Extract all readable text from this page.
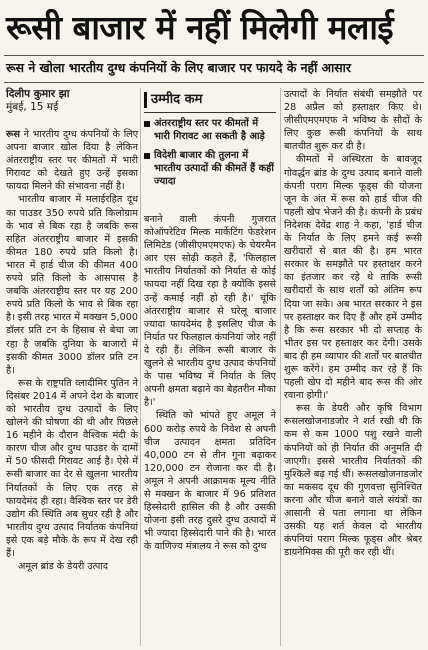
रूसी बाजार में नहीं मिलेगी मलाई
रूस ने खोला भारतीय दुग्ध कंपनियों के लिए बाजार पर फायदे के नहीं आसार
दिलीप कुमार झा
मुंबई, 15 मई	उम्मीद कम
अंतरराष्ट्रीय स्तर पर कीमतों में भारी गिरावट आ सकती है आड़े
विदेशी बाजार की तुलना में भारतीय उत्पादों की कीमतें हैं कहीं ज्यादा

रूस ने भारतीय दुग्ध कंपनियों के लिए अपना बाजार खोल दिया है लेकिन अंतरराष्ट्रीय स्तर पर कीमतों में भारी गिरावट को देखते हुए उन्हें इसका फायदा मिलने की संभावना नहीं है।

भारतीय बाजार में मलाईरहित दूध का पाउडर 350 रुपये प्रति किलोग्राम के भाव से बिक रहा है जबकि रूस सहित अंतरराष्ट्रीय बाजार में इसकी कीमत 180 रुपये प्रति किलो है। भारत में हार्ड चीज की कीमत 400 रुपये प्रति किलो के आसपास है जबकि अंतरराष्ट्रीय स्तर पर यह 200 रुपये प्रति किलो के भाव से बिक रहा है। इसी तरह भारत में मक्खन 5,000 डॉलर प्रति टन के हिसाब से बेचा जा रहा है जबकि दुनिया के बाजारों में इसकी कीमत 3000 डॉलर प्रति टन है।

रूस के राष्ट्रपति व्लादीमिर पुतिन ने दिसंबर 2014 में अपने देश के बाजार को भारतीय दुग्ध उत्पादों के लिए खोलने की घोषणा की थी और पिछले 16 महीने के दौरान वैश्विक मंदी के कारण चीज और दुग्ध पाउडर के दामों में 50 फीसदी गिरावट आई है। ऐसे में रूसी बाजार का देर से खुलना भारतीय निर्यातकों के लिए एक तरह से फायदेमंद ही रहा। वैश्विक स्तर पर डेरी उद्योग की स्थिति अब सुधर रही है और भारतीय दुग्ध उत्पाद निर्यातक कंपनियां इसे एक बड़े मौके के रूप में देख रही हैं।

अमूल ब्रांड के डेयरी उत्पाद

बनाने वाली कंपनी गुजरात कोऑपरेटिव मिल्क मार्केटिंग फेडरेशन लिमिटेड (जीसीएमएमएफ) के चेयरमैन आर एस सोढ़ी कहते हैं, 'फिलहाल भारतीय निर्यातकों को निर्यात से कोई फायदा नहीं दिख रहा है क्योंकि इससे उन्हें कमाई नहीं हो रही है।' चूंकि अंतरराष्ट्रीय बाजार से घरेलू बाजार ज्यादा फायदेमंद है इसलिए चीज के निर्यात पर फिलहाल कंपनियां जोर नहीं दे रही हैं। लेकिन रूसी बाजार के खुलने से भारतीय दुग्ध उत्पाद कंपनियों के पास भविष्य में निर्यात के लिए अपनी क्षमता बढ़ाने का बेहतरीन मौका है।'

स्थिति को भांपते हुए अमूल ने 600 करोड़ रुपये के निवेश से अपनी चीज उत्पादन क्षमता प्रतिदिन 40,000 टन से तीन गुना बढ़ाकर 120,000 टन रोजाना कर दी है। अमूल ने अपनी आक्रामक मूल्य नीति से मक्खन के बाजार में 96 प्रतिशत हिस्सेदारी हासिल की है और उसकी योजना इसी तरह दुसरे दुग्ध उत्पादों में भी ज्यादा हिस्सेदारी पाने की है। भारत के वाणिज्य मंत्रालय ने रूस को दुग्ध

उत्पादों के निर्यात संबंधी समझौते पर 28 अप्रैल को हस्ताक्षर किए थे। जीसीएमएमएफ ने भविष्य के सौदों के लिए कुछ रूसी कंपनियों के साथ बातचीत शुरू कर दी है।

कीमतों में अस्थिरता के बावजूद गोवर्द्धन ब्रांड के दुग्ध उत्पाद बनाने वाली कंपनी पराग मिल्क फूड्स की योजना जून के अंत में रूस को हार्ड चीज की पहली खेप भेजने की है। कंपनी के प्रबंध निदेशक देवेंद्र शाह ने कहा, 'हार्ड चीज के निर्यात के लिए हमने कई रूसी खरीदारों से बात की है। हम भारत सरकार के समझौते पर हस्ताक्षर करने का इंतजार कर रहे थे ताकि रूसी खरीदारों के साथ शर्तों को अंतिम रूप दिया जा सके। अब भारत सरकार ने इस पर हस्ताक्षर कर दिए हैं और हमें उम्मीद है कि रूस सरकार भी दो सप्ताह के भीतर इस पर हस्ताक्षर कर देगी। उसके बाद ही हम व्यापार की शर्तों पर बातचीत शुरू करेंगे। हम उम्मीद कर रहे हैं कि पहली खेप दो महीने बाद रूस की ओर रवाना होगी।'

रूस के डेयरी और कृषि विभाग रूसलखोजनाडजोर ने शर्त रखी थी कि कम से कम 1000 पशु रखने वाली कंपनियों को ही निर्यात की अनुमति दी जाएगी। इससे भारतीय निर्यातकों की मुश्किलें बढ़ गई थीं। रूसलखोजनाडजोर का मकसद दूध की गुणवत्ता सुनिश्चित करना और चीज बनाने वाले संयंत्रों का आसानी से पता लगाना था लेकिन उसकी यह शर्त केवल दो भारतीय कंपनियां पराग मिल्क फूड्स और श्रेबर डायनेमिक्स की पूरी कर रही थीं।
